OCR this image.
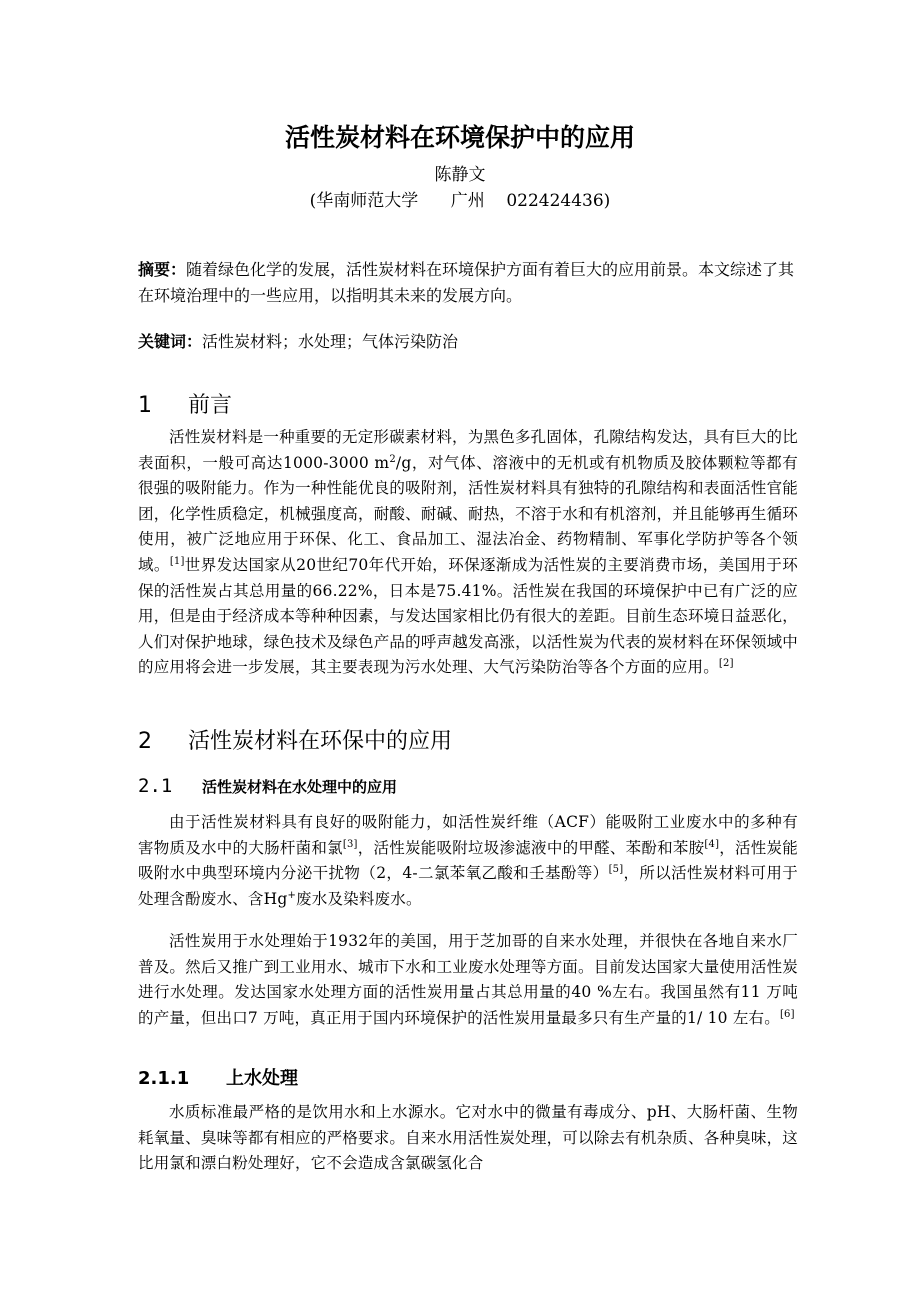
活性炭材料在环境保护中的应用
陈静文
(华南师范大学      广州    022424436)
摘要：随着绿色化学的发展，活性炭材料在环境保护方面有着巨大的应用前景。本文综述了其在环境治理中的一些应用，以指明其未来的发展方向。
关键词：活性炭材料；水处理；气体污染防治
1 前言
活性炭材料是一种重要的无定形碳素材料，为黑色多孔固体，孔隙结构发达，具有巨大的比表面积，一般可高达1000-3000 $m^2/g$，对气体、溶液中的无机或有机物质及胶体颗粒等都有很强的吸附能力。作为一种性能优良的吸附剂，活性炭材料具有独特的孔隙结构和表面活性官能团，化学性质稳定，机械强度高，耐酸、耐碱、耐热，不溶于水和有机溶剂，并且能够再生循环使用，被广泛地应用于环保、化工、食品加工、湿法冶金、药物精制、军事化学防护等各个领域。[1]世界发达国家从20世纪70年代开始，环保逐渐成为活性炭的主要消费市场，美国用于环保的活性炭占其总用量的66.22%，日本是75.41%。活性炭在我国的环境保护中已有广泛的应用，但是由于经济成本等种种因素，与发达国家相比仍有很大的差距。目前生态环境日益恶化，人们对保护地球，绿色技术及绿色产品的呼声越发高涨，以活性炭为代表的炭材料在环保领域中的应用将会进一步发展，其主要表现为污水处理、大气污染防治等各个方面的应用。[2]
2 活性炭材料在环保中的应用
2.1 活性炭材料在水处理中的应用
由于活性炭材料具有良好的吸附能力，如活性炭纤维（ACF）能吸附工业废水中的多种有害物质及水中的大肠杆菌和氯[3]，活性炭能吸附垃圾渗滤液中的甲醛、苯酚和苯胺[4]，活性炭能吸附水中典型环境内分泌干扰物（2，4-二氯苯氧乙酸和壬基酚等）[5]，所以活性炭材料可用于处理含酚废水、含Hg+废水及染料废水。
活性炭用于水处理始于1932年的美国，用于芝加哥的自来水处理，并很快在各地自来水厂普及。然后又推广到工业用水、城市下水和工业废水处理等方面。目前发达国家大量使用活性炭进行水处理。发达国家水处理方面的活性炭用量占其总用量的40 %左右。我国虽然有11 万吨的产量，但出口7 万吨，真正用于国内环境保护的活性炭用量最多只有生产量的1/ 10 左右。[6]
2.1.1 上水处理
水质标准最严格的是饮用水和上水源水。它对水中的微量有毒成分、pH、大肠杆菌、生物耗氧量、臭味等都有相应的严格要求。自来水用活性炭处理，可以除去有机杂质、各种臭味，这比用氯和漂白粉处理好，它不会造成含氯碳氢化合
